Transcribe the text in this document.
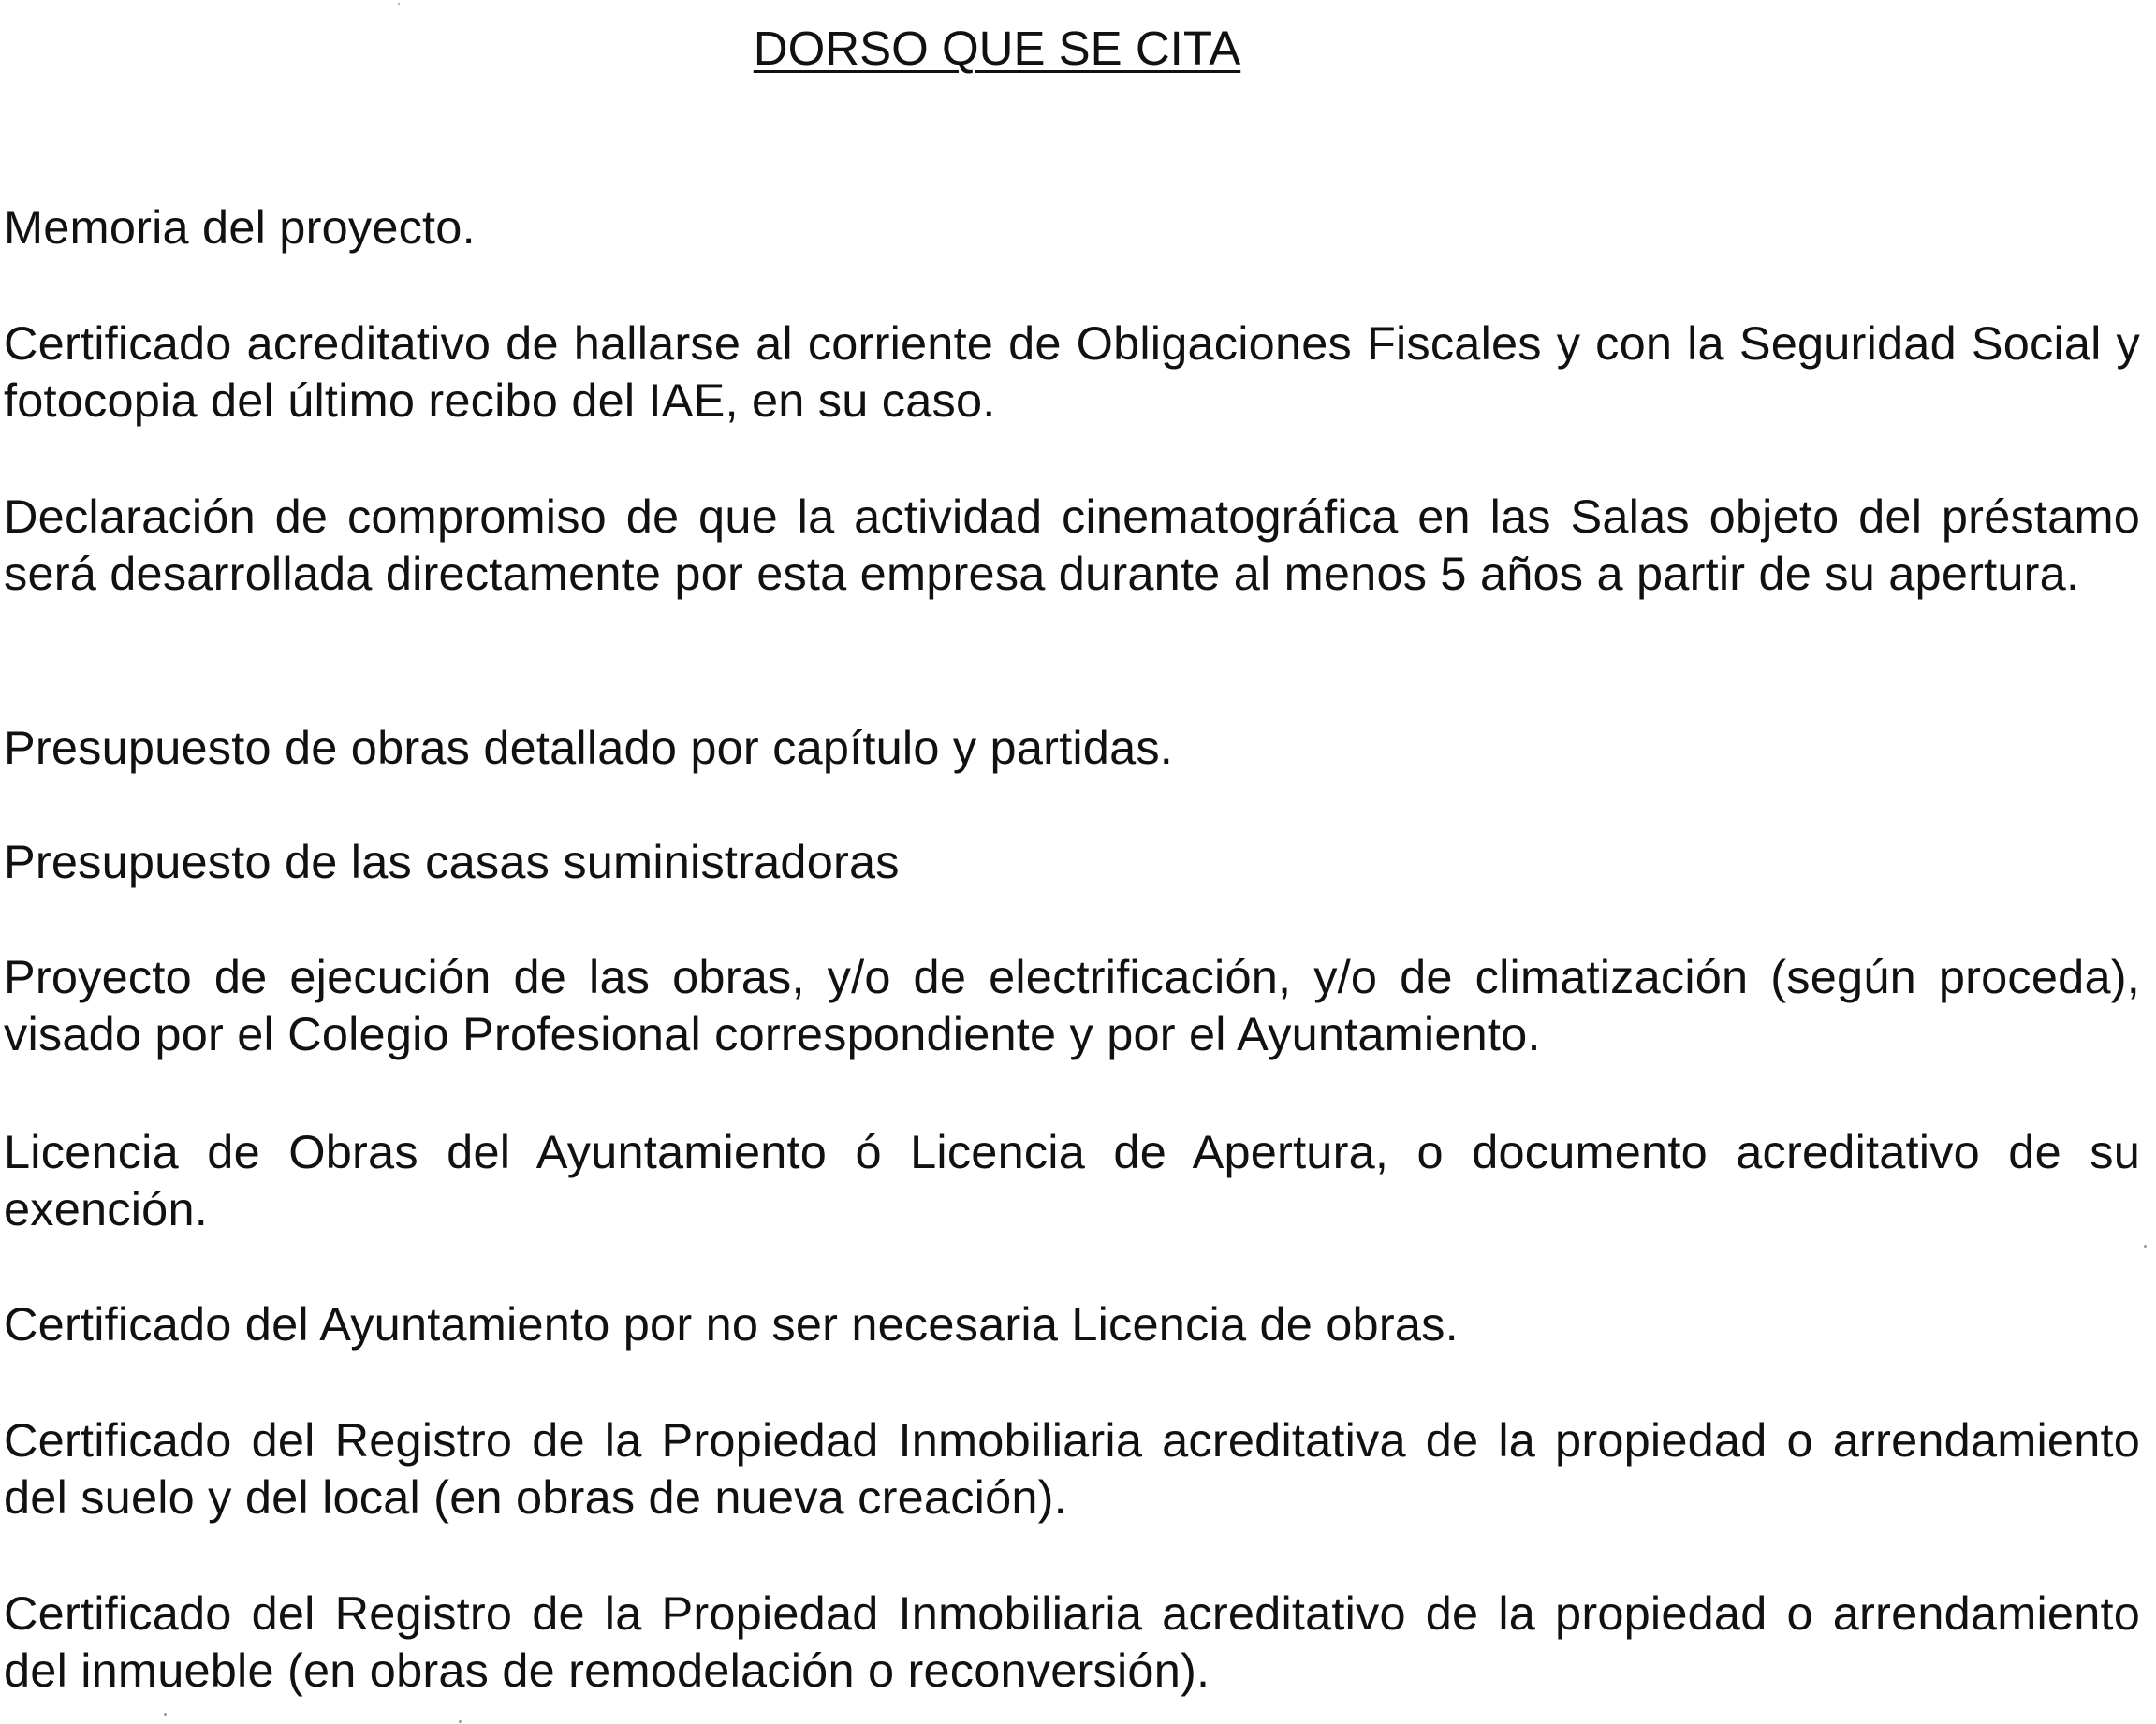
DORSO QUE SE CITA

Memoria del proyecto.

Certificado acreditativo de hallarse al corriente de Obligaciones Fiscales y con la Seguridad Social y fotocopia del último recibo del IAE, en su caso.

Declaración de compromiso de que la actividad cinematográfica en las Salas objeto del préstamo será desarrollada directamente por esta empresa durante al menos 5 años a partir de su apertura.

Presupuesto de obras detallado por capítulo y partidas.

Presupuesto de las casas suministradoras

Proyecto de ejecución de las obras, y/o de electrificación, y/o de climatización (según proceda), visado por el Colegio Profesional correspondiente y por el Ayuntamiento.

Licencia de Obras del Ayuntamiento ó Licencia de Apertura, o documento acreditativo de su exención.

Certificado del Ayuntamiento por no ser necesaria Licencia de obras.

Certificado del Registro de la Propiedad Inmobiliaria acreditativa de la propiedad o arrendamiento del suelo y del local (en obras de nueva creación).

Certificado del Registro de la Propiedad Inmobiliaria acreditativo de la propiedad o arrendamiento del inmueble (en obras de remodelación o reconversión).
